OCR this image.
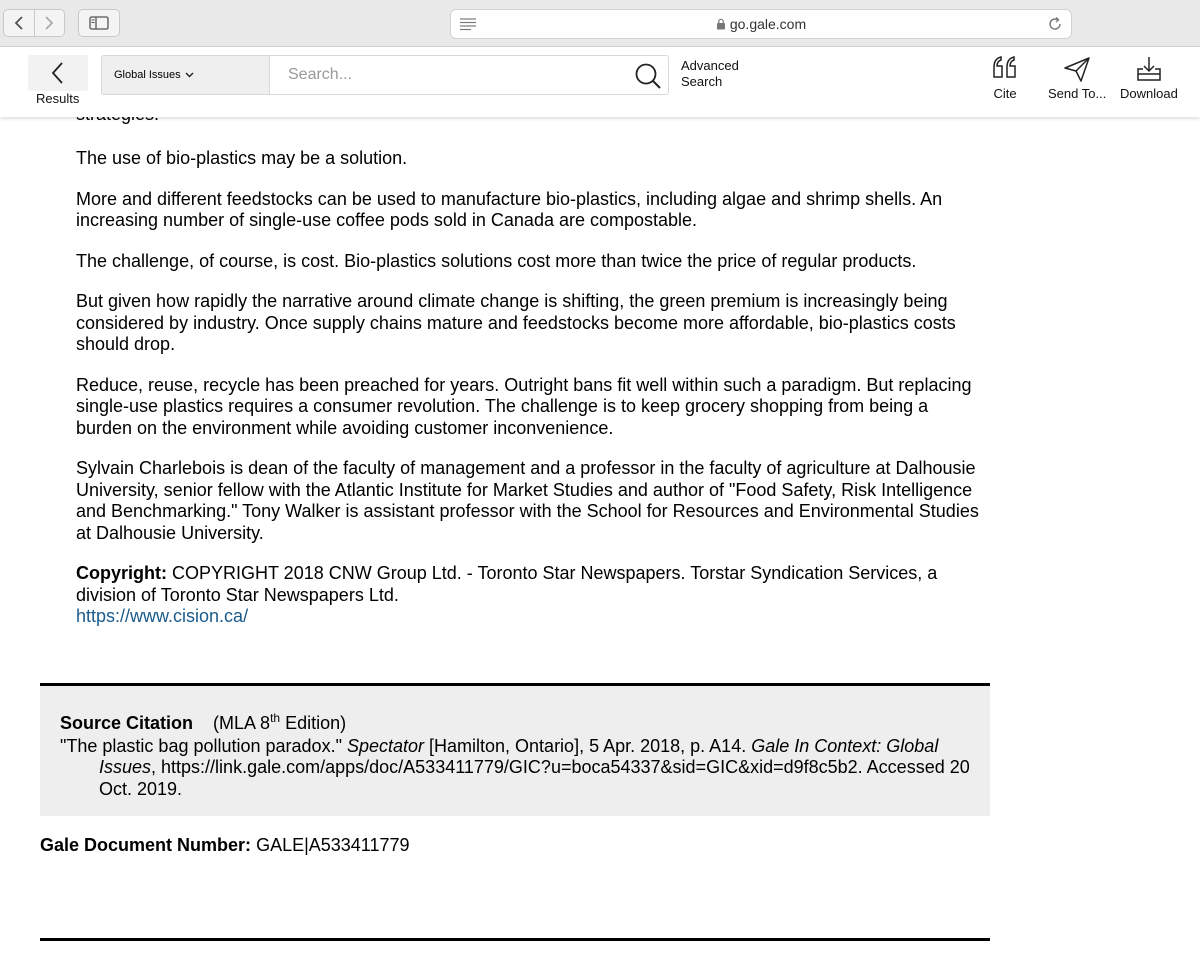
go.gale.com
Results
Global Issues
Search...
Advanced
Search
Cite Send To... Download

The use of bio-plastics may be a solution.

More and different feedstocks can be used to manufacture bio-plastics, including algae and shrimp shells. An increasing number of single-use coffee pods sold in Canada are compostable.

The challenge, of course, is cost. Bio-plastics solutions cost more than twice the price of regular products.

But given how rapidly the narrative around climate change is shifting, the green premium is increasingly being considered by industry. Once supply chains mature and feedstocks become more affordable, bio-plastics costs should drop.

Reduce, reuse, recycle has been preached for years. Outright bans fit well within such a paradigm. But replacing single-use plastics requires a consumer revolution. The challenge is to keep grocery shopping from being a burden on the environment while avoiding customer inconvenience.

Sylvain Charlebois is dean of the faculty of management and a professor in the faculty of agriculture at Dalhousie University, senior fellow with the Atlantic Institute for Market Studies and author of "Food Safety, Risk Intelligence and Benchmarking." Tony Walker is assistant professor with the School for Resources and Environmental Studies at Dalhousie University.

Copyright: COPYRIGHT 2018 CNW Group Ltd. - Toronto Star Newspapers. Torstar Syndication Services, a division of Toronto Star Newspapers Ltd.
https://www.cision.ca/

Source Citation (MLA 8th Edition)
"The plastic bag pollution paradox." Spectator [Hamilton, Ontario], 5 Apr. 2018, p. A14. Gale In Context: Global Issues, https://link.gale.com/apps/doc/A533411779/GIC?u=boca54337&sid=GIC&xid=d9f8c5b2. Accessed 20 Oct. 2019.
Gale Document Number: GALE|A533411779
